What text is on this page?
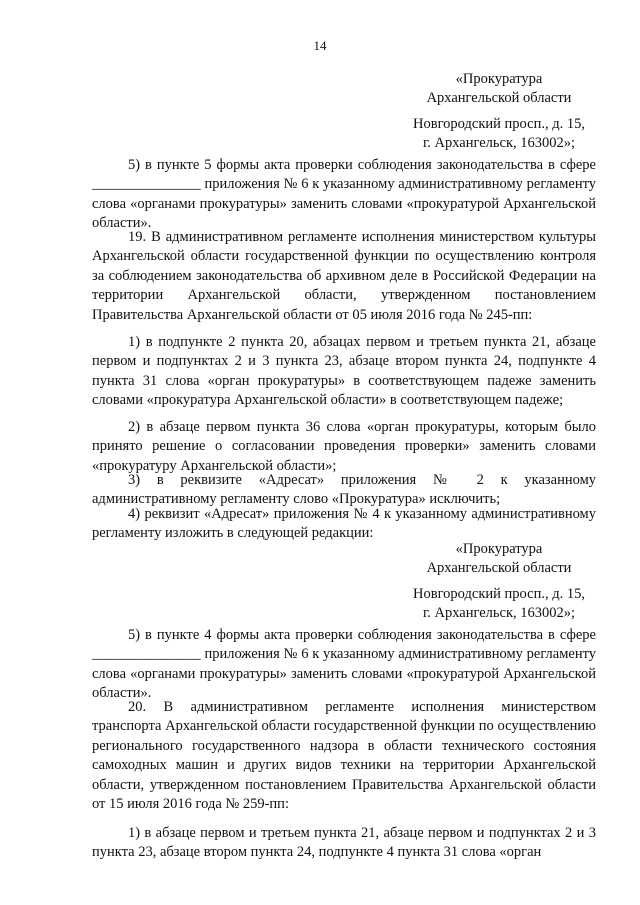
14
«Прокуратура
Архангельской области
Новгородский просп., д. 15,
г. Архангельск, 163002»;

5) в пункте 5 формы акта проверки соблюдения законодательства в сфере _______________ приложения № 6 к указанному административному регламенту слова «органами прокуратуры» заменить словами «прокуратурой Архангельской области».

19. В административном регламенте исполнения министерством культуры Архангельской области государственной функции по осуществлению контроля за соблюдением законодательства об архивном деле в Российской Федерации на территории Архангельской области, утвержденном постановлением Правительства Архангельской области от 05 июля 2016 года № 245-пп:

1) в подпункте 2 пункта 20, абзацах первом и третьем пункта 21, абзаце первом и подпунктах 2 и 3 пункта 23, абзаце втором пункта 24, подпункте 4 пункта 31 слова «орган прокуратуры» в соответствующем падеже заменить словами «прокуратура Архангельской области» в соответствующем падеже;

2) в абзаце первом пункта 36 слова «орган прокуратуры, которым было принято решение о согласовании проведения проверки» заменить словами «прокуратуру Архангельской области»;

3) в реквизите «Адресат» приложения № 2 к указанному административному регламенту слово «Прокуратура» исключить;

4) реквизит «Адресат» приложения № 4 к указанному административному регламенту изложить в следующей редакции:

«Прокуратура
Архангельской области
Новгородский просп., д. 15,
г. Архангельск, 163002»;

5) в пункте 4 формы акта проверки соблюдения законодательства в сфере _______________ приложения № 6 к указанному административному регламенту слова «органами прокуратуры» заменить словами «прокуратурой Архангельской области».

20. В административном регламенте исполнения министерством транспорта Архангельской области государственной функции по осуществлению регионального государственного надзора в области технического состояния самоходных машин и других видов техники на территории Архангельской области, утвержденном постановлением Правительства Архангельской области от 15 июля 2016 года № 259-пп:

1) в абзаце первом и третьем пункта 21, абзаце первом и подпунктах 2 и 3 пункта 23, абзаце втором пункта 24, подпункте 4 пункта 31 слова «орган
